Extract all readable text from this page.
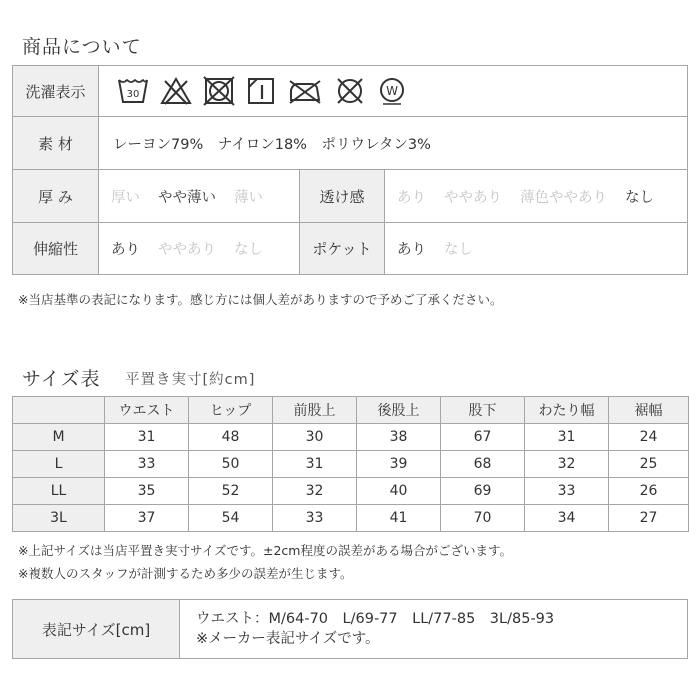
商品について
洗濯表示	30	W
素 材	レーヨン79%　ナイロン18%　ポリウレタン3%
厚 み	厚い やや薄い 薄い	透け感	あり ややあり 薄色ややあり なし
伸縮性	あり ややあり なし	ポケット	あり なし
※当店基準の表記になります。感じ方には個人差がありますので予めご了承ください。
サイズ表 平置き実寸[約cm]
	ウエスト	ヒップ	前股上	後股上	股下	わたり幅	裾幅
M	31	48	30	38	67	31	24
L	33	50	31	39	68	32	25
LL	35	52	32	40	69	33	26
3L	37	54	33	41	70	34	27
※上記サイズは当店平置き実寸サイズです。±2cm程度の誤差がある場合がございます。
※複数人のスタッフが計測するため多少の誤差が生じます。
表記サイズ[cm]
ウエスト：M/64-70　L/69-77　LL/77-85　3L/85-93
※メーカー表記サイズです。
